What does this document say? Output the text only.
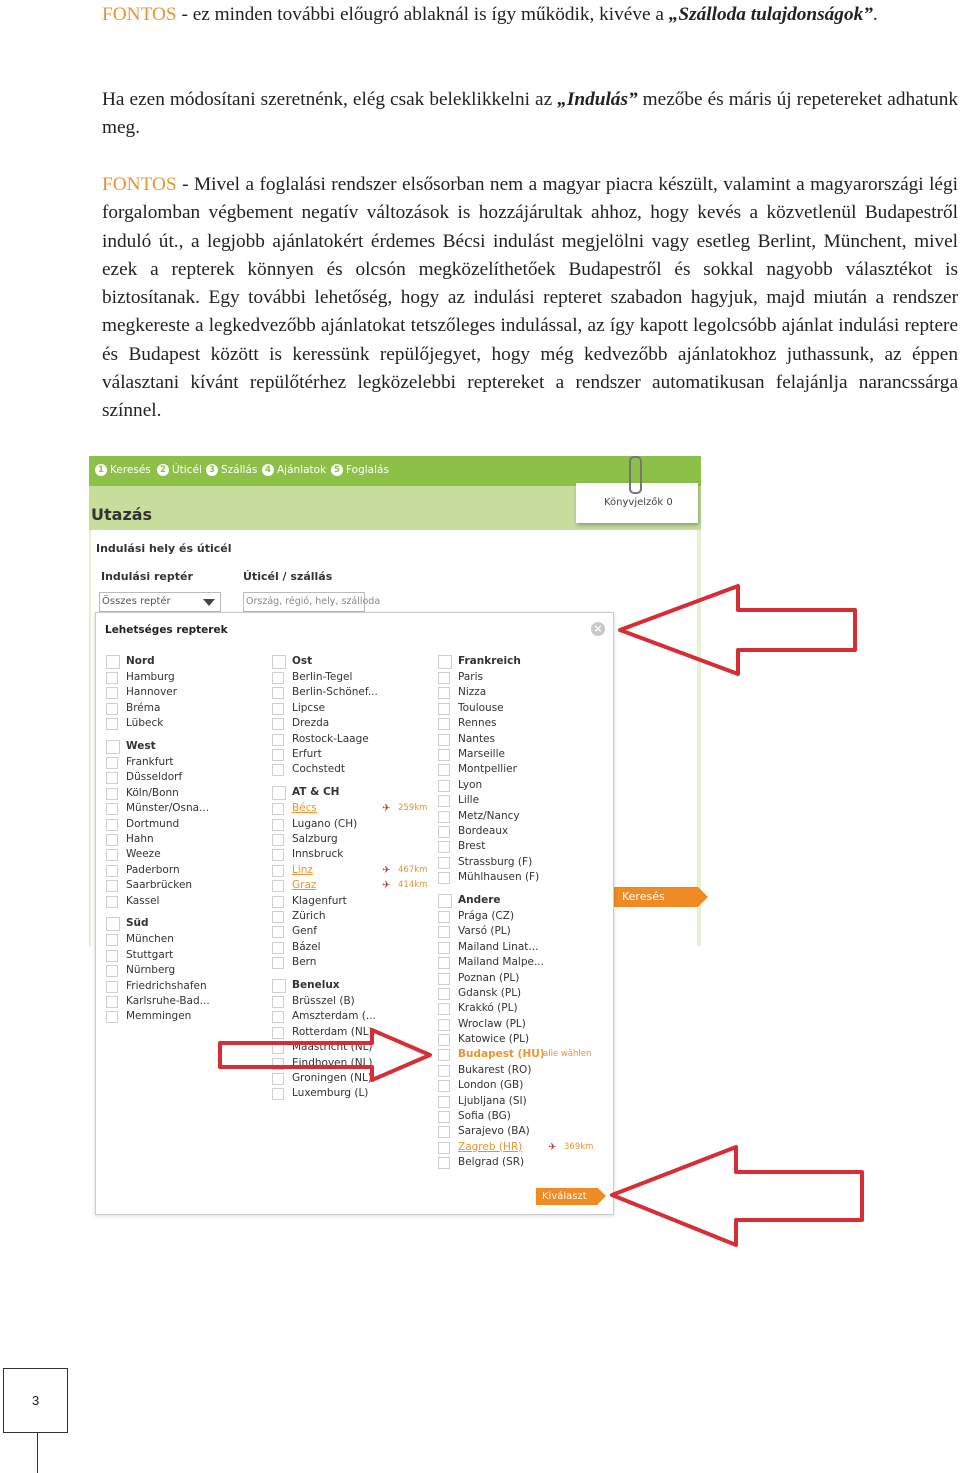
FONTOS - ez minden további előugró ablaknál is így működik, kivéve a „Szálloda tulajdonságok”.

Ha ezen módosítani szeretnénk, elég csak beleklikkelni az „Indulás” mezőbe és máris új repetereket adhatunk meg.

FONTOS - Mivel a foglalási rendszer elsősorban nem a magyar piacra készült, valamint a magyarországi légi forgalomban végbement negatív változások is hozzájárultak ahhoz, hogy kevés a közvetlenül Budapestről induló út., a legjobb ajánlatokért érdemes Bécsi indulást megjelölni vagy esetleg Berlint, Münchent, mivel ezek a repterek könnyen és olcsón megközelíthetőek Budapestről és sokkal nagyobb választékot is biztosítanak. Egy további lehetőség, hogy az indulási repteret szabadon hagyjuk, majd miután a rendszer megkereste a legkedvezőbb ajánlatokat tetszőleges indulással, az így kapott legolcsóbb ajánlat indulási reptere és Budapest között is keressünk repülőjegyet, hogy még kedvezőbb ajánlatokhoz juthassunk, az éppen választani kívánt repülőtérhez legközelebbi reptereket a rendszer automatikusan felajánlja narancssárga színnel.

1 Keresés	2 Úticél 3 Szállás 4 Ajánlatok 5 Foglalás
Utazás
Könyvjelzők 0
Indulási hely és úticél
Indulási reptér	Úticél / szállás
Összes reptér	Ország, régió, hely, szálloda
Keresés
Lehetséges repterek	×
Nord
Hamburg
Hannover
Bréma
Lübeck
West
Frankfurt
Düsseldorf
Köln/Bonn
Münster/Osna...
Dortmund
Hahn
Weeze
Paderborn
Saarbrücken
Kassel
Süd
München
Stuttgart
Nürnberg
Friedrichshafen
Karlsruhe-Bad...
Memmingen
Ost
Berlin-Tegel
Berlin-Schönef...
Lipcse
Drezda
Rostock-Laage
Erfurt
Cochstedt
AT & CH
Bécs	✈ 259km
Lugano (CH)
Salzburg
Innsbruck
Linz	✈ 467km
Graz	✈ 414km
Klagenfurt
Zürich
Genf
Bázel
Bern
Benelux
Brüsszel (B)
Amszterdam (...
Rotterdam (NL)
Maastricht (NL)
Eindhoven (NL)
Groningen (NL)
Luxemburg (L)
Frankreich
Paris
Nizza
Toulouse
Rennes
Nantes
Marseille
Montpellier
Lyon
Lille
Metz/Nancy
Bordeaux
Brest
Strassburg (F)
Mühlhausen (F)
Andere
Prága (CZ)
Varsó (PL)
Mailand Linat...
Mailand Malpe...
Poznan (PL)
Gdansk (PL)
Krakkó (PL)
Wroclaw (PL)
Katowice (PL)
Budapest (HU)
alle wählen
Bukarest (RO)
London (GB)
Ljubljana (SI)
Sofia (BG)
Sarajevo (BA)
Zagreb (HR)	✈ 369km
Belgrad (SR)
Kiválaszt
3
